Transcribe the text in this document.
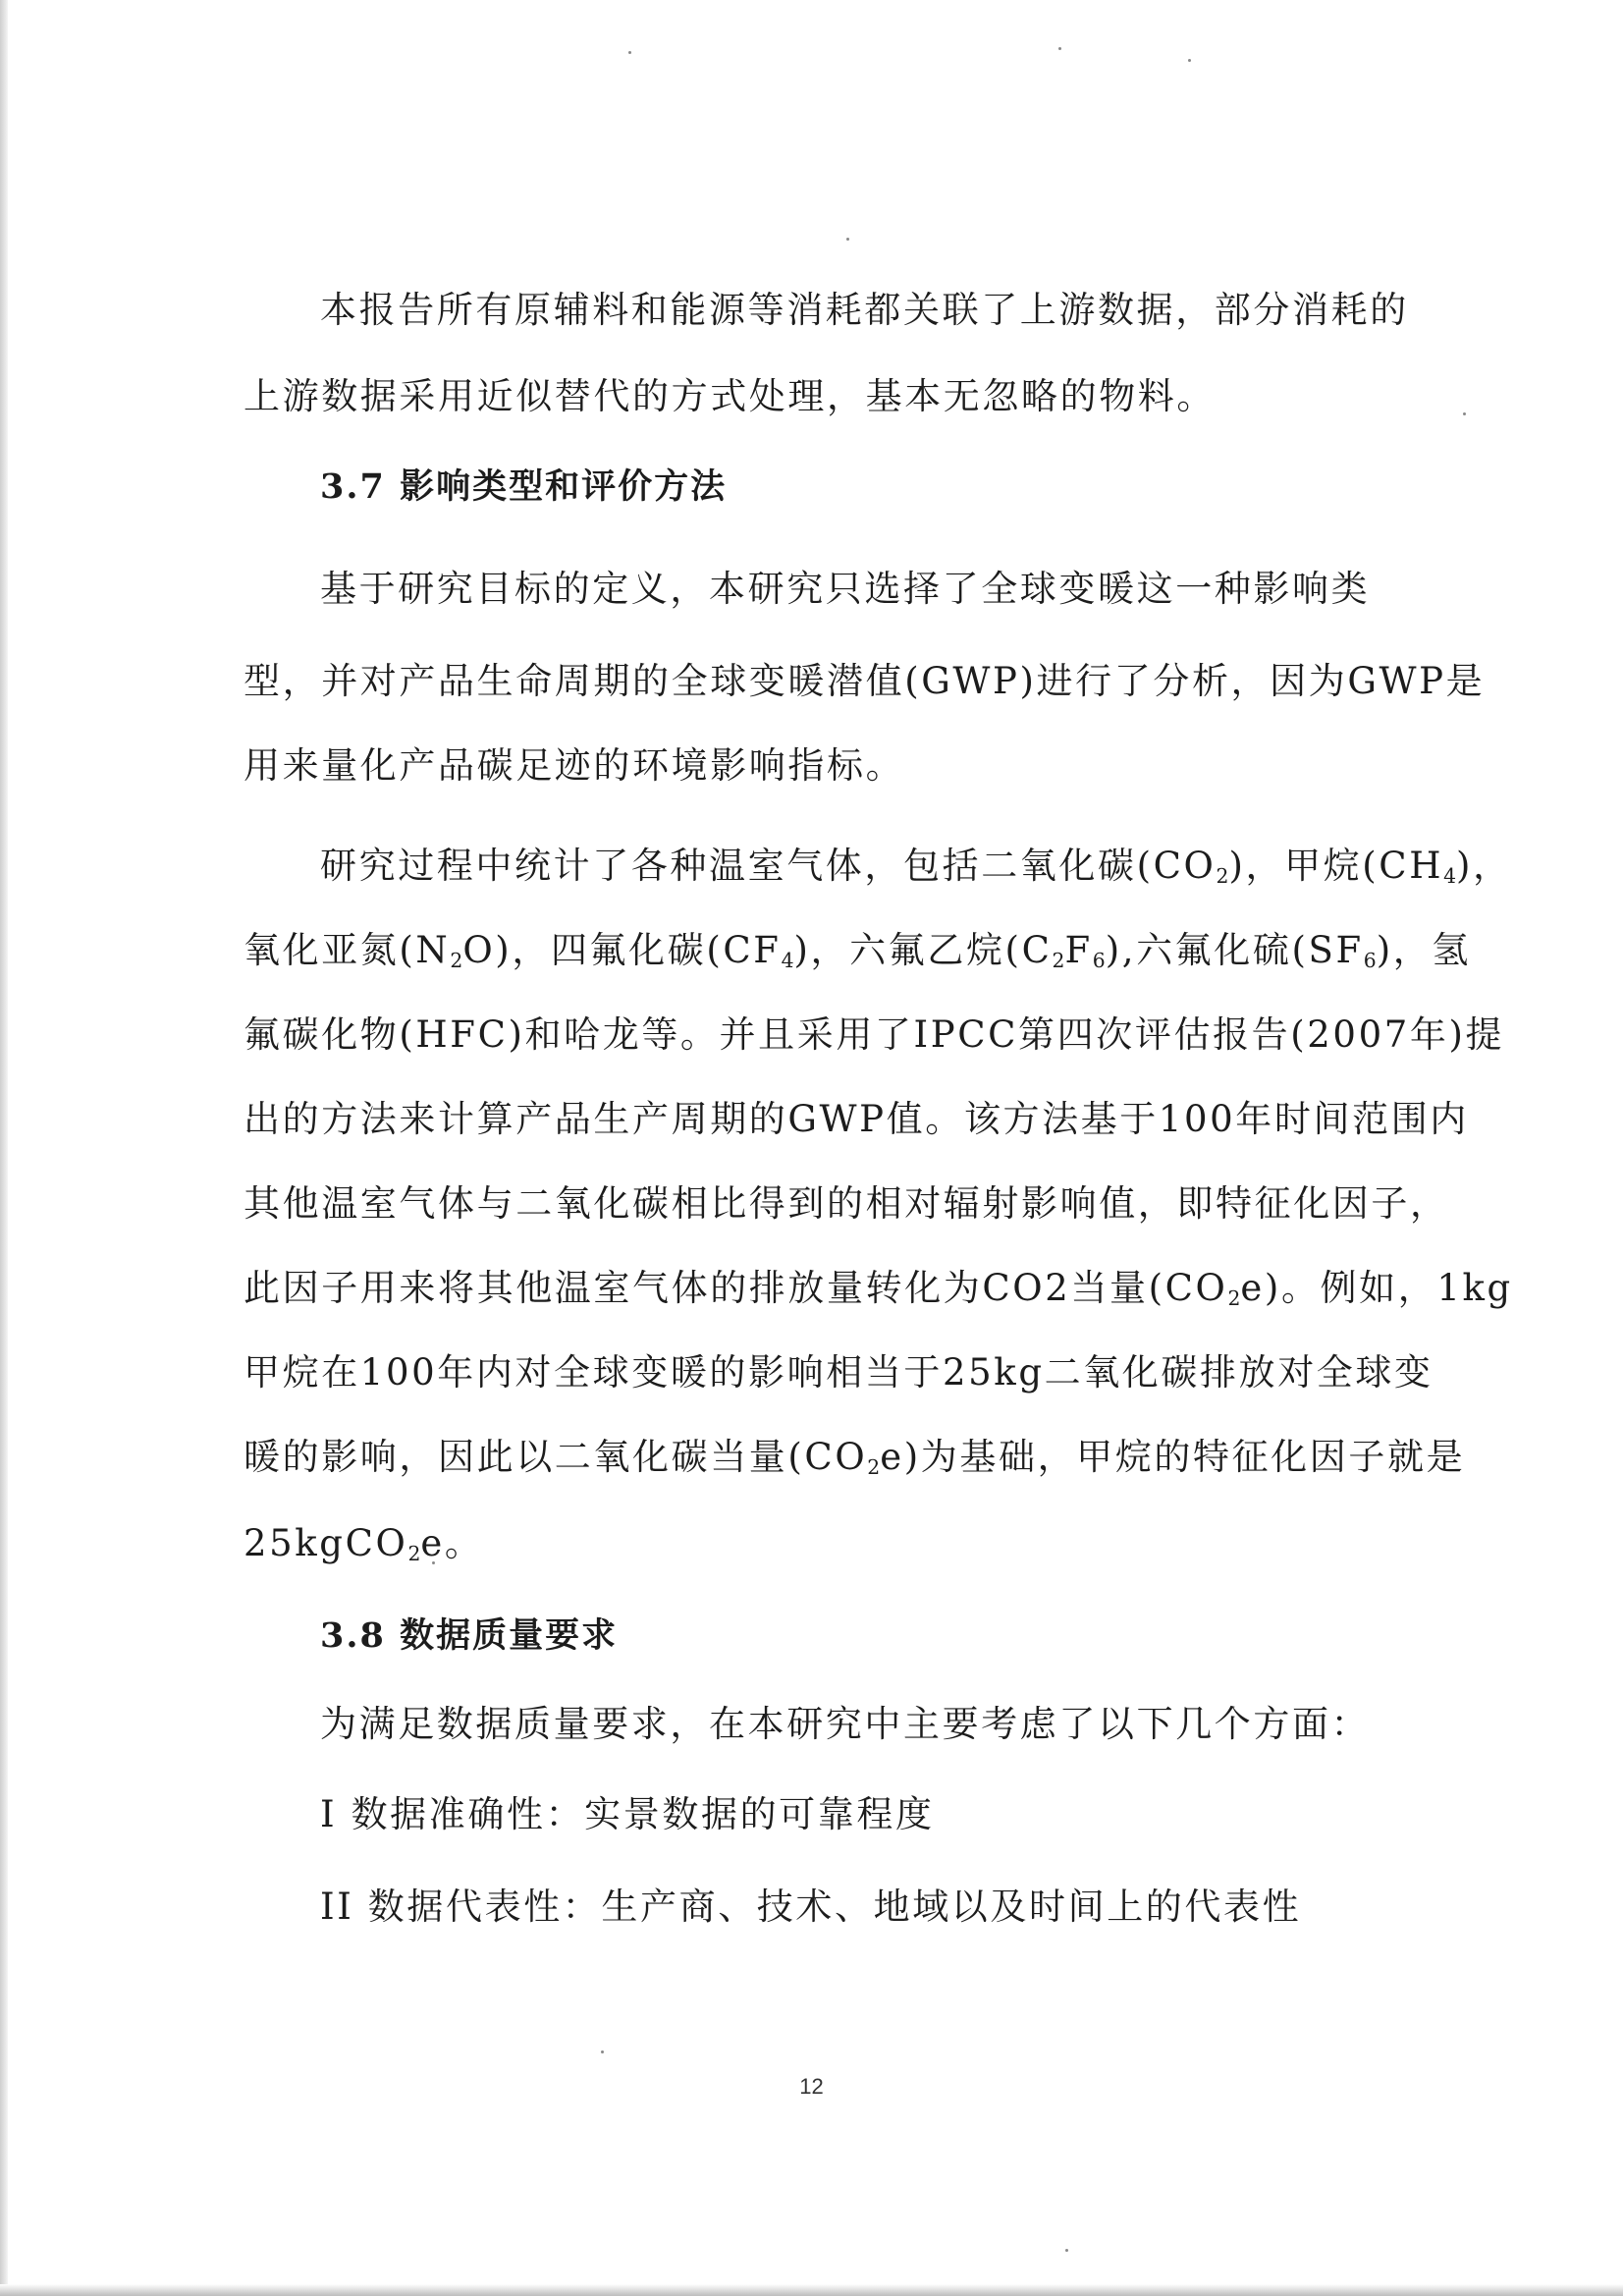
本报告所有原辅料和能源等消耗都关联了上游数据，部分消耗的
上游数据采用近似替代的方式处理，基本无忽略的物料。
3.7 影响类型和评价方法
基于研究目标的定义，本研究只选择了全球变暖这一种影响类
型，并对产品生命周期的全球变暖潜值(GWP)进行了分析，因为GWP是
用来量化产品碳足迹的环境影响指标。
研究过程中统计了各种温室气体，包括二氧化碳$(CO_2)$，甲烷$(CH_4)$，
氧化亚氮$(N_2O)$，四氟化碳$(CF_4)$，六氟乙烷$(C_2F_6)$,六氟化硫$(SF_6)$，氢
氟碳化物(HFC)和哈龙等。并且采用了IPCC第四次评估报告(2007年)提
出的方法来计算产品生产周期的GWP值。该方法基于100年时间范围内
其他温室气体与二氧化碳相比得到的相对辐射影响值，即特征化因子，
此因子用来将其他温室气体的排放量转化为CO2当量$(CO_2e)$。例如，1kg
甲烷在100年内对全球变暖的影响相当于25kg二氧化碳排放对全球变
暖的影响，因此以二氧化碳当量$(CO_2e)$为基础，甲烷的特征化因子就是
25kgCO$_2$e。
3.8 数据质量要求
为满足数据质量要求，在本研究中主要考虑了以下几个方面：
I 数据准确性：实景数据的可靠程度
II 数据代表性：生产商、技术、地域以及时间上的代表性
12
